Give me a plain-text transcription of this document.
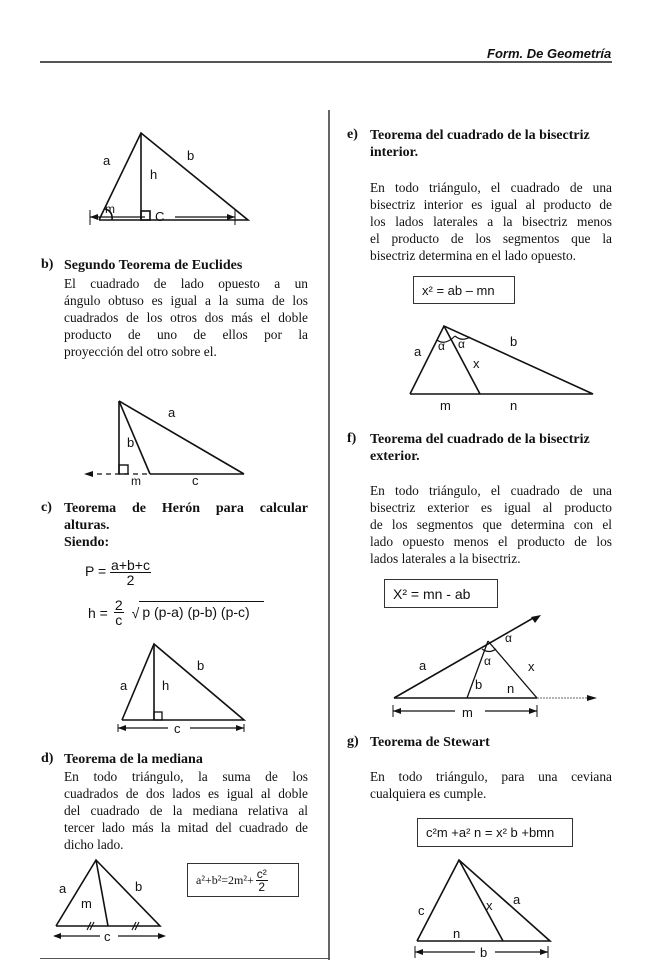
Form. De Geometría
a	b
h
m	C
b) Segundo Teorema de Euclides
El cuadrado de lado opuesto a un
ángulo obtuso es igual a la suma de los
cuadrados de los otros dos más el doble
producto de uno de ellos por la
proyección del otro sobre el.
a
b
m	c
c) Teorema de Herón para calcular
alturas.
Siendo:
$P = \frac{a+b+c}{2}$
$h = \frac{2}{c}$ √ p (p-a) (p-b) (p-c)
a
b
h
c
d) Teorema de la mediana
En todo triángulo, la suma de los
cuadrados de dos lados es igual al doble
del cuadrado de la mediana relativa al
tercer lado más la mitad del cuadrado de
dicho lado.
a	b
m
c
$a^2+b^2=2m^2+ \frac{\text{c²}}{2}$
e) Teorema del cuadrado de la bisectriz
interior.
En todo triángulo, el cuadrado de una
bisectriz interior es igual al producto de
los lados laterales a la bisectriz menos
el producto de los segmentos que la
bisectriz determina en el lado opuesto.
x² = ab – mn
a
b
x
α α
m	n
f) Teorema del cuadrado de la bisectriz
exterior.
En todo triángulo, el cuadrado de una
bisectriz exterior es igual al producto
de los segmentos que determina con el
lado opuesto menos el producto de los
lados laterales a la bisectriz.
X² = mn - ab
a
b
x
n
α
α
m
g) Teorema de Stewart
En todo triángulo, para una ceviana
cualquiera es cumple.
c²m +a² n = x² b +bmn
c	x a
n
b
